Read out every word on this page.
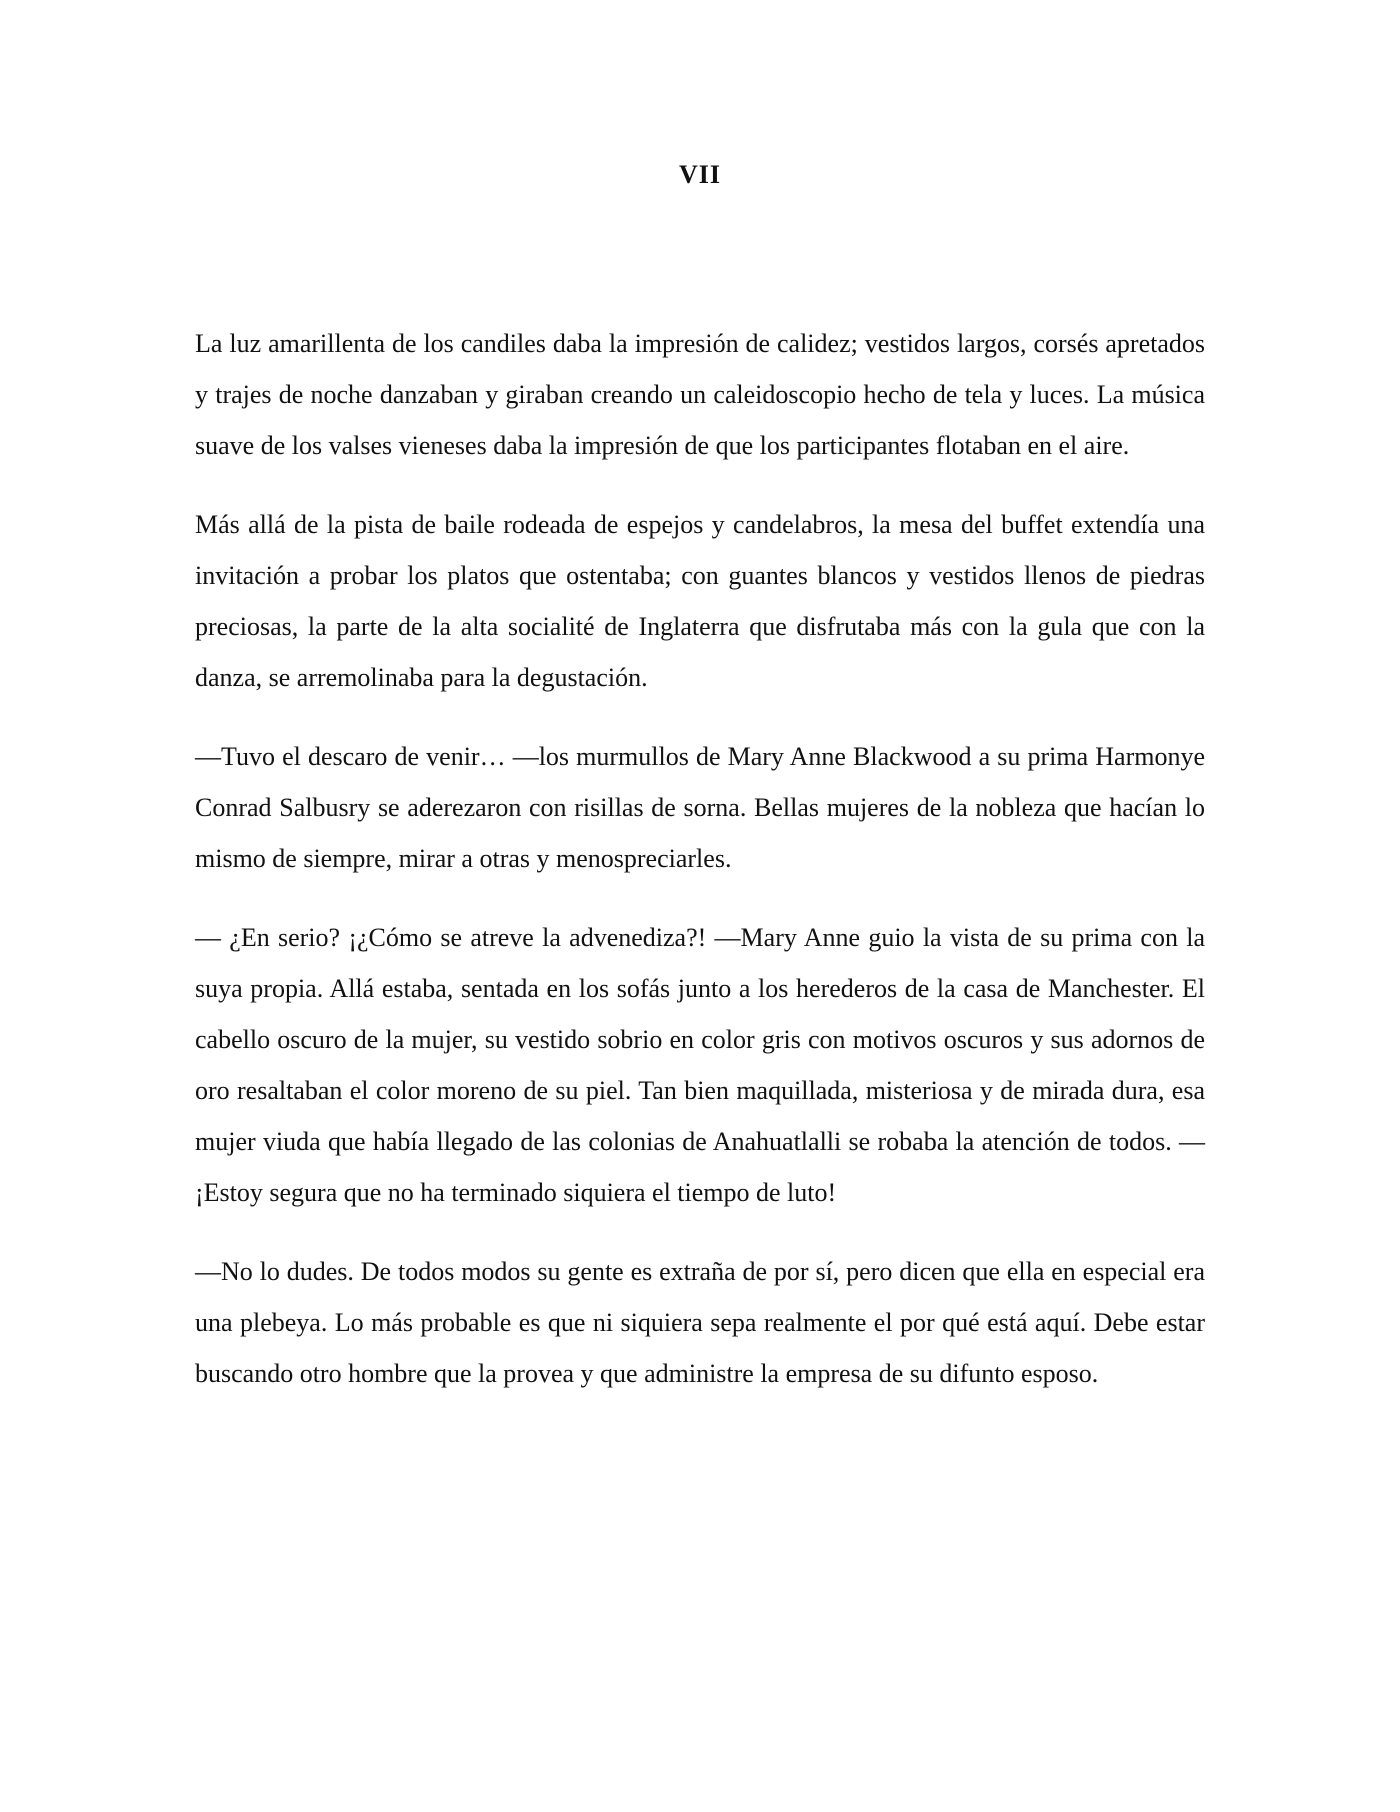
VII

La luz amarillenta de los candiles daba la impresión de calidez; vestidos largos, corsés apretados y trajes de noche danzaban y giraban creando un caleidoscopio hecho de tela y luces. La música suave de los valses vieneses daba la impresión de que los participantes flotaban en el aire.

Más allá de la pista de baile rodeada de espejos y candelabros, la mesa del buffet extendía una invitación a probar los platos que ostentaba; con guantes blancos y vestidos llenos de piedras preciosas, la parte de la alta socialité de Inglaterra que disfrutaba más con la gula que con la danza, se arremolinaba para la degustación.

—Tuvo el descaro de venir… —los murmullos de Mary Anne Blackwood a su prima Harmonye Conrad Salbusry se aderezaron con risillas de sorna. Bellas mujeres de la nobleza que hacían lo mismo de siempre, mirar a otras y menospreciarles.

— ¿En serio? ¡¿Cómo se atreve la advenediza?! —Mary Anne guio la vista de su prima con la suya propia. Allá estaba, sentada en los sofás junto a los herederos de la casa de Manchester. El cabello oscuro de la mujer, su vestido sobrio en color gris con motivos oscuros y sus adornos de oro resaltaban el color moreno de su piel. Tan bien maquillada, misteriosa y de mirada dura, esa mujer viuda que había llegado de las colonias de Anahuatlalli se robaba la atención de todos. — ¡Estoy segura que no ha terminado siquiera el tiempo de luto!

—No lo dudes. De todos modos su gente es extraña de por sí, pero dicen que ella en especial era una plebeya. Lo más probable es que ni siquiera sepa realmente el por qué está aquí. Debe estar buscando otro hombre que la provea y que administre la empresa de su difunto esposo.
